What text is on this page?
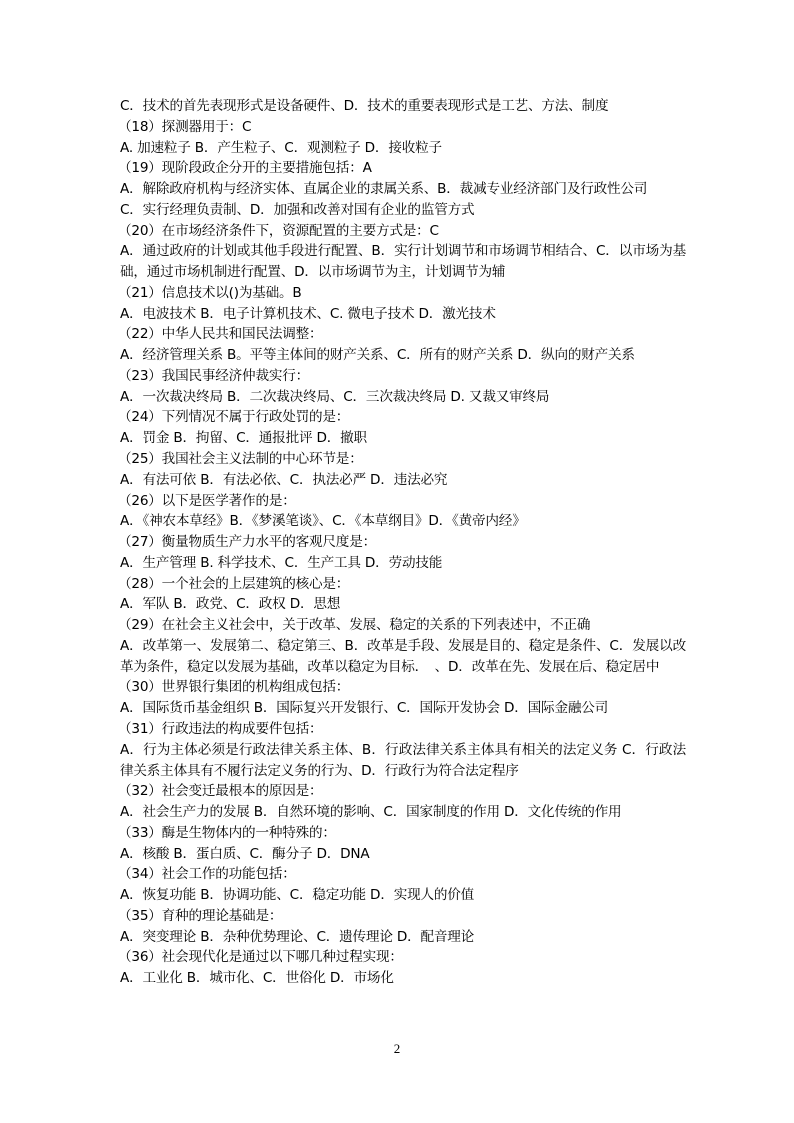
C．技术的首先表现形式是设备硬件、D．技术的重要表现形式是工艺、方法、制度
（18）探测器用于：C
A. 加速粒子 B．产生粒子、C．观测粒子 D．接收粒子
（19）现阶段政企分开的主要措施包括：A
A．解除政府机构与经济实体、直属企业的隶属关系、B．裁减专业经济部门及行政性公司
C．实行经理负责制、D．加强和改善对国有企业的监管方式
（20）在市场经济条件下，资源配置的主要方式是：C
A．通过政府的计划或其他手段进行配置、B．实行计划调节和市场调节相结合、C．以市场为基础，通过市场机制进行配置、D．以市场调节为主，计划调节为辅
（21）信息技术以()为基础。B
A．电波技术 B．电子计算机技术、C. 微电子技术 D．激光技术
（22）中华人民共和国民法调整：
A．经济管理关系 B。平等主体间的财产关系、C．所有的财产关系 D．纵向的财产关系
（23）我国民事经济仲裁实行：
A．一次裁决终局 B．二次裁决终局、C．三次裁决终局 D. 又裁又审终局
（24）下列情况不属于行政处罚的是：
A．罚金 B．拘留、C．通报批评 D．撤职
（25）我国社会主义法制的中心环节是：
A．有法可依 B．有法必依、C．执法必严 D．违法必究
（26）以下是医学著作的是：
A．《神农本草经》B．《梦溪笔谈》、C．《本草纲目》D．《黄帝内经》
（27）衡量物质生产力水平的客观尺度是：
A．生产管理 B. 科学技术、C．生产工具 D．劳动技能
（28）一个社会的上层建筑的核心是：
A．军队 B．政党、C．政权 D．思想
（29）在社会主义社会中，关于改革、发展、稳定的关系的下列表述中，不正确
A．改革第一、发展第二、稳定第三、B．改革是手段、发展是目的、稳定是条件、C．发展以改革为条件，稳定以发展为基础，改革以稳定为目标．　、D．改革在先、发展在后、稳定居中
（30）世界银行集团的机构组成包括：
A．国际货币基金组织 B．国际复兴开发银行、C．国际开发协会 D．国际金融公司
（31）行政违法的构成要件包括：
A．行为主体必须是行政法律关系主体、B．行政法律关系主体具有相关的法定义务 C．行政法律关系主体具有不履行法定义务的行为、D．行政行为符合法定程序
（32）社会变迁最根本的原因是：
A．社会生产力的发展 B．自然环境的影响、C．国家制度的作用 D．文化传统的作用
（33）酶是生物体内的一种特殊的：
A．核酸 B．蛋白质、C．酶分子 D．DNA
（34）社会工作的功能包括：
A．恢复功能 B．协调功能、C．稳定功能 D．实现人的价值
（35）育种的理论基础是：
A．突变理论 B．杂种优势理论、C．遗传理论 D．配音理论
（36）社会现代化是通过以下哪几种过程实现：
A．工业化 B．城市化、C．世俗化 D．市场化
2
